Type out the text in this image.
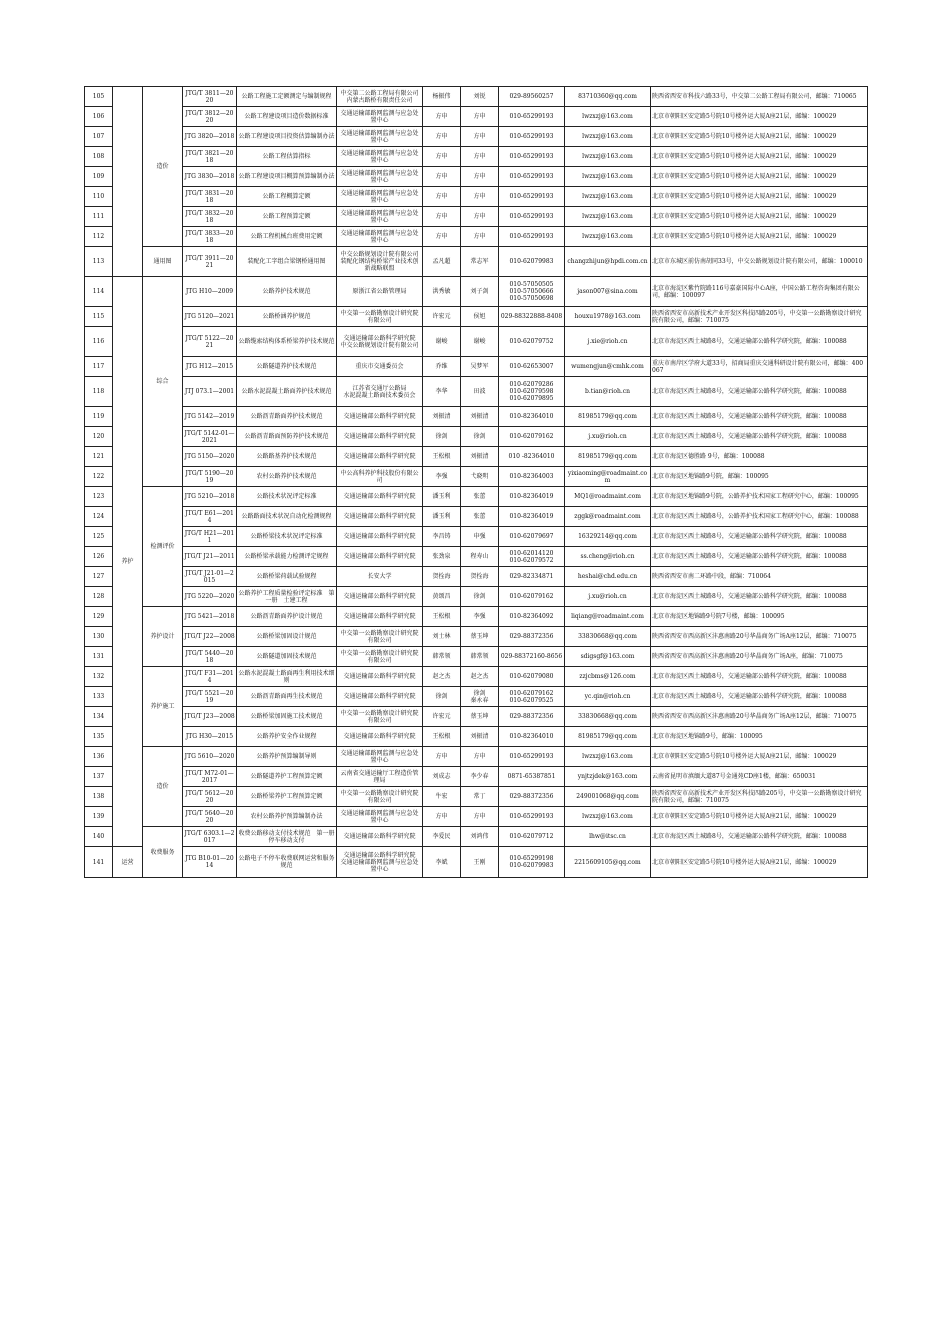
105		造价	JTG/T 3811—2020	公路工程施工定额测定与编制规程	中交第二公路工程局有限公司
内蒙古路桥有限责任公司	杨振伟	刘锐	029-89560257	83710360@qq.com	陕西省西安市科技六路33号，中交第二公路工程局有限公司，邮编：710065
106			JTG/T 3812—2020	公路工程建设项目造价数据标准	交通运输部路网监测与应急处置中心	方申	方申	010-65299193	lwzxzj@163.com	北京市朝阳区安定路5号院10号楼外运大厦A座21层，邮编：100029
107			JTG 3820—2018	公路工程建设项目投资估算编制办法	交通运输部路网监测与应急处置中心	方申	方申	010-65299193	lwzxzj@163.com	北京市朝阳区安定路5号院10号楼外运大厦A座21层，邮编：100029
108			JTG/T 3821—2018	公路工程估算指标	交通运输部路网监测与应急处置中心	方申	方申	010-65299193	lwzxzj@163.com	北京市朝阳区安定路5号院10号楼外运大厦A座21层，邮编：100029
109			JTG 3830—2018	公路工程建设项目概算预算编制办法	交通运输部路网监测与应急处置中心	方申	方申	010-65299193	lwzxzj@163.com	北京市朝阳区安定路5号院10号楼外运大厦A座21层，邮编：100029
110			JTG/T 3831—2018	公路工程概算定额	交通运输部路网监测与应急处置中心	方申	方申	010-65299193	lwzxzj@163.com	北京市朝阳区安定路5号院10号楼外运大厦A座21层，邮编：100029
111			JTG/T 3832—2018	公路工程预算定额	交通运输部路网监测与应急处置中心	方申	方申	010-65299193	lwzxzj@163.com	北京市朝阳区安定路5号院10号楼外运大厦A座21层，邮编：100029
112			JTG/T 3833—2018	公路工程机械台班费用定额	交通运输部路网监测与应急处置中心	方申	方申	010-65299193	lwzxzj@163.com	北京市朝阳区安定路5号院10号楼外运大厦A座21层，邮编：100029
113		通用图	JTG/T 3911—2021	装配化工字组合梁钢桥通用图	中交公路规划设计院有限公司
装配化钢结构桥梁产业技术创新战略联盟	孟凡超	常志军	010-62079983	changzhijun@hpdi.com.cn	北京市东城区前仿南胡同33号，中交公路规划设计院有限公司，邮编：100010
114	养护	综合	JTG H10—2009	公路养护技术规范	原浙江省公路管理局	洪秀敏	刘子剑	010-57050505
010-57050666
010-57050698	jason007@sina.com	北京市海淀区紫竹院路116号嘉豪国际中心A座，中国公路工程咨询集团有限公司，邮编：100097
115			JTG 5120—2021	公路桥涵养护规范	中交第一公路勘察设计研究院有限公司	许宏元	侯旭	029-88322888-8408	houxu1978@163.com	陕西省西安市高新技术产业开发区科技四路205号，中交第一公路勘察设计研究院有限公司，邮编：710075
116			JTG/T 5122—2021	公路缆索结构体系桥梁养护技术规范	交通运输部公路科学研究院
中交公路规划设计院有限公司	谢峻	谢峻	010-62079752	j.xie@rioh.cn	北京市海淀区西土城路8号，交通运输部公路科学研究院，邮编：100088
117			JTG H12—2015	公路隧道养护技术规范	重庆市交通委员会	乔维	吴梦军	010-62653007	wumengjun@cmhk.com	重庆市南岸区学府大道33号，招商局重庆交通科研设计院有限公司，邮编：400067
118			JTJ 073.1—2001	公路水泥混凝土路面养护技术规范	江苏省交通厅公路局
水泥混凝土路面技术委员会	李华	田波	010-62079286
010-62079598
010-62079895	b.tian@rioh.cn	北京市海淀区西土城路8号，交通运输部公路科学研究院，邮编：100088
119			JTG 5142—2019	公路沥青路面养护技术规范	交通运输部公路科学研究院	刘振清	刘振清	010-82364010	81985179@qq.com	北京市海淀区西土城路8号，交通运输部公路科学研究院，邮编：100088
120			JTG/T 5142-01—2021	公路沥青路面预防养护技术规范	交通运输部公路科学研究院	徐剑	徐剑	010-62079162	j.xu@rioh.cn	北京市海淀区西土城路8号，交通运输部公路科学研究院，邮编：100088
121			JTG 5150—2020	公路路基养护技术规范	交通运输部公路科学研究院	王松根	刘振清	010 -82364010	81985179@qq.com	北京市海淀区德胜路 9号，邮编：100088
122			JTG/T 5190—2019	农村公路养护技术规范	中公高科养护科技股份有限公司	李强	弋晓明	010-82364003	yixiaoming@roadmaint.com	北京市海淀区地锦路9号院，邮编：100095
123		检测评价	JTG 5210—2018	公路技术状况评定标准	交通运输部公路科学研究院	潘玉利	张蕾	010-82364019	MQ1@roadmaint.com	北京市海淀区地锦路9号院，公路养护技术国家工程研究中心，邮编：100095
124			JTG/T E61—2014	公路路面技术状况自动化检测规程	交通运输部公路科学研究院	潘玉利	张蕾	010-82364019	zggk@roadmaint.com	北京市海淀区西土城路8号，公路养护技术国家工程研究中心，邮编：100088
125			JTG/T H21—2011	公路桥梁技术状况评定标准	交通运输部公路科学研究院	李昌铸	申强	010-62079697	16329214@qq.com	北京市海淀区西土城路8号，交通运输部公路科学研究院，邮编：100088
126			JTG/T J21—2011	公路桥梁承载能力检测评定规程	交通运输部公路科学研究院	张劲泉	程寿山	010-62014120
010-62079572	ss.cheng@rioh.cn	北京市海淀区西土城路8号，交通运输部公路科学研究院，邮编：100088
127			JTG/T J21-01—2015	公路桥梁荷载试验规程	长安大学	贺拴海	贺拴海	029-82334871	heshai@chd.edu.cn	陕西省西安市南二环路中段，邮编：710064
128			JTG 5220—2020	公路养护工程质量检验评定标准　第一册　土建工程	交通运输部公路科学研究院	黄颂昌	徐剑	010-62079162	j.xu@rioh.cn	北京市海淀区西土城路8号，交通运输部公路科学研究院，邮编：100088
129		养护设计	JTG 5421—2018	公路沥青路面养护设计规范	交通运输部公路科学研究院	王松根	李强	010-82364092	liqiang@roadmaint.com	北京市海淀区地锦路9号院7号楼，邮编：100095
130			JTG/T J22—2008	公路桥梁加固设计规范	中交第一公路勘察设计研究院有限公司	刘士林	蔡玉坤	029-88372356	33830668@qq.com	陕西省西安市西高新区沣惠南路20号华晶商务广场A座12层，邮编：710075
131			JTG/T 5440—2018	公路隧道加固技术规范	中交第一公路勘察设计研究院有限公司	韩常领	韩常领	029-88372160-8656	sdigsgf@163.com	陕西省西安市西高新区沣惠南路20号华晶商务广场A座，邮编：710075
132		养护施工	JTG/T F31—2014	公路水泥混凝土路面再生利用技术细则	交通运输部公路科学研究院	赵之杰	赵之杰	010-62079080	zzjcbms@126.com	北京市海淀区西土城路8号，交通运输部公路科学研究院，邮编：100088
133			JTG/T 5521—2019	公路沥青路面再生技术规范	交通运输部公路科学研究院	徐剑	徐剑
秦永春	010-62079162
010-62079525	yc.qin@rioh.cn	北京市海淀区西土城路8号，交通运输部公路科学研究院，邮编：100088
134			JTG/T J23—2008	公路桥梁加固施工技术规范	中交第一公路勘察设计研究院有限公司	许宏元	蔡玉坤	029-88372356	33830668@qq.com	陕西省西安市西高新区沣惠南路20号华晶商务广场A座12层，邮编：710075
135			JTG H30—2015	公路养护安全作业规程	交通运输部公路科学研究院	王松根	刘振清	010-82364010	81985179@qq.com	北京市海淀区地锦路9号，邮编：100095
136		造价	JTG 5610—2020	公路养护预算编制导则	交通运输部路网监测与应急处置中心	方申	方申	010-65299193	lwzxzj@163.com	北京市朝阳区安定路5号院10号楼外运大厦A座21层，邮编：100029
137			JTG/T M72-01—2017	公路隧道养护工程预算定额	云南省交通运输厅工程造价管理局	刘成志	李少春	0871-65387851	ynjtzjdek@163.com	云南省昆明市滇缅大道87号金通苑CD座1楼，邮编：650031
138			JTG/T 5612—2020	公路桥梁养护工程预算定额	中交第一公路勘察设计研究院有限公司	牛宏	常丁	029-88372356	249001068@qq.com	陕西省西安市高新技术产业开发区科技四路205号，中交第一公路勘察设计研究院有限公司，邮编：710075
139			JTG/T 5640—2020	农村公路养护预算编制办法	交通运输部路网监测与应急处置中心	方申	方申	010-65299193	lwzxzj@163.com	北京市朝阳区安定路5号院10号楼外运大厦A座21层，邮编：100029
140		收费服务	JTG/T 6303.1—2017	收费公路移动支付技术规范　第一册　停车移动支付	交通运输部公路科学研究院	李爱民	刘鸿伟	010-62079712	lhw@itsc.cn	北京市海淀区西土城路8号，交通运输部公路科学研究院，邮编：100088
141	运营		JTG B10-01—2014	公路电子不停车收费联网运营和服务规范	交通运输部公路科学研究院
交通运输部路网监测与应急处置中心	李斌	王刚	010-65299198
010-62079983	2215609105@qq.com	北京市朝阳区安定路5号院10号楼外运大厦A座21层，邮编：100029
